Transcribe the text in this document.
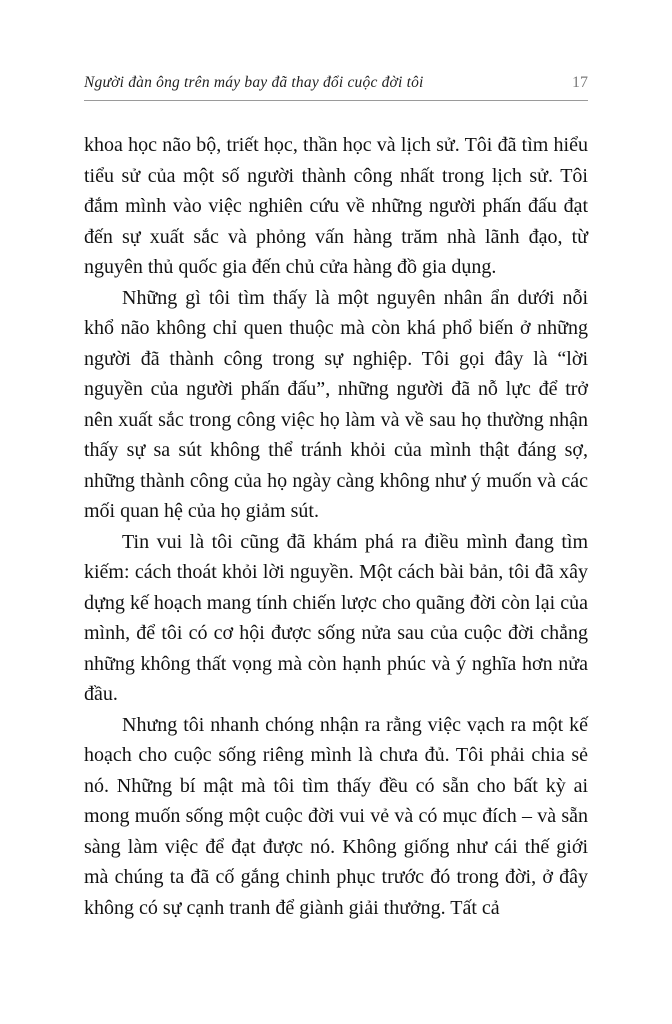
Người đàn ông trên máy bay đã thay đổi cuộc đời tôi	17

khoa học não bộ, triết học, thần học và lịch sử. Tôi đã tìm hiểu tiểu sử của một số người thành công nhất trong lịch sử. Tôi đắm mình vào việc nghiên cứu về những người phấn đấu đạt đến sự xuất sắc và phỏng vấn hàng trăm nhà lãnh đạo, từ nguyên thủ quốc gia đến chủ cửa hàng đồ gia dụng.

Những gì tôi tìm thấy là một nguyên nhân ẩn dưới nỗi khổ não không chỉ quen thuộc mà còn khá phổ biến ở những người đã thành công trong sự nghiệp. Tôi gọi đây là “lời nguyền của người phấn đấu”, những người đã nỗ lực để trở nên xuất sắc trong công việc họ làm và về sau họ thường nhận thấy sự sa sút không thể tránh khỏi của mình thật đáng sợ, những thành công của họ ngày càng không như ý muốn và các mối quan hệ của họ giảm sút.

Tin vui là tôi cũng đã khám phá ra điều mình đang tìm kiếm: cách thoát khỏi lời nguyền. Một cách bài bản, tôi đã xây dựng kế hoạch mang tính chiến lược cho quãng đời còn lại của mình, để tôi có cơ hội được sống nửa sau của cuộc đời chẳng những không thất vọng mà còn hạnh phúc và ý nghĩa hơn nửa đầu.

Nhưng tôi nhanh chóng nhận ra rằng việc vạch ra một kế hoạch cho cuộc sống riêng mình là chưa đủ. Tôi phải chia sẻ nó. Những bí mật mà tôi tìm thấy đều có sẵn cho bất kỳ ai mong muốn sống một cuộc đời vui vẻ và có mục đích – và sẵn sàng làm việc để đạt được nó. Không giống như cái thế giới mà chúng ta đã cố gắng chinh phục trước đó trong đời, ở đây không có sự cạnh tranh để giành giải thưởng. Tất cả
